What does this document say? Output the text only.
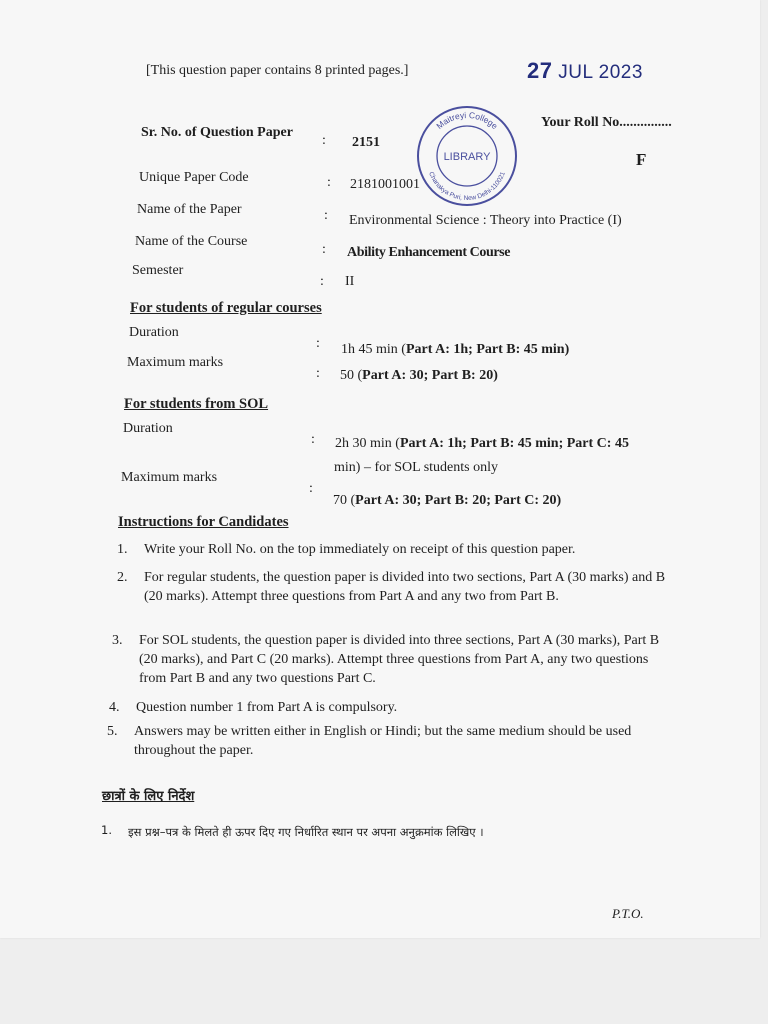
[This question paper contains 8 printed pages.]	27 JUL 2023
Your Roll No...............
F
Maitreyi College
Chanakya Puri, New Delhi-110021
LIBRARY
Sr. No. of Question Paper
: 2151
Unique Paper Code	: 2181001001
Name of the Paper	: Environmental Science : Theory into Practice (I)
Name of the Course
: Ability Enhancement Course
Semester
: II
For students of regular courses
Duration
: 1h 45 min (Part A: 1h; Part B: 45 min)
Maximum marks
: 50 (Part A: 30; Part B: 20)
For students from SOL
Duration
: 2h 30 min (Part A: 1h; Part B: 45 min; Part C: 45
min) – for SOL students only
Maximum marks
:
70 (Part A: 30; Part B: 20; Part C: 20)
Instructions for Candidates
1. Write your Roll No. on the top immediately on receipt of this question paper.
2. For regular students, the question paper is divided into two sections, Part A (30 marks) and B (20 marks). Attempt three questions from Part A and any two from Part B.
3. For SOL students, the question paper is divided into three sections, Part A (30 marks), Part B (20 marks), and Part C (20 marks). Attempt three questions from Part A, any two questions from Part B and any two questions Part C.
4. Question number 1 from Part A is compulsory.
5. Answers may be written either in English or Hindi; but the same medium should be used throughout the paper.
छात्रों के लिए निर्देश
1. इस प्रश्न–पत्र के मिलते ही ऊपर दिए गए निर्धारित स्थान पर अपना अनुक्रमांक लिखिए ।
P.T.O.
